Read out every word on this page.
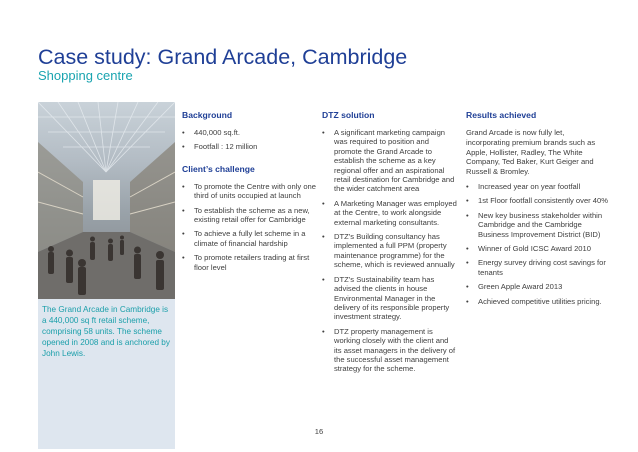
Case study: Grand Arcade, Cambridge
Shopping centre

The Grand Arcade in Cambridge is a 440,000 sq ft retail scheme, comprising 58 units. The scheme opened in 2008 and is anchored by John Lewis.

Background
• 440,000 sq.ft.
• Footfall : 12 million
Client’s challenge
• To promote the Centre with only one third of units occupied at launch
• To establish the scheme as a new, existing retail offer for Cambridge
• To achieve a fully let scheme in a climate of financial hardship
• To promote retailers trading at first floor level
DTZ solution
• A significant marketing campaign was required to position and promote the Grand Arcade to establish the scheme as a key regional offer and an aspirational retail destination for Cambridge and the wider catchment area
• A Marketing Manager was employed at the Centre, to work alongside external marketing consultants.
• DTZ’s Building consultancy has implemented a full PPM (property maintenance programme) for the scheme, which is reviewed annually
• DTZ’s Sustainability team has advised the clients in house Environmental Manager in the delivery of its responsible property investment strategy.
• DTZ property management is working closely with the client and its asset managers in the delivery of the successful asset management strategy for the scheme.
Results achieved

Grand Arcade is now fully let, incorporating premium brands such as Apple, Hollister, Radley, The White Company, Ted Baker, Kurt Geiger and Russell & Bromley.

• Increased year on year footfall
• 1st Floor footfall consistently over 40%
• New key business stakeholder within Cambridge and the Cambridge Business Improvement District (BID)
• Winner of Gold ICSC Award 2010
• Energy survey driving cost savings for tenants
• Green Apple Award 2013
• Achieved competitive utilities pricing.
16
